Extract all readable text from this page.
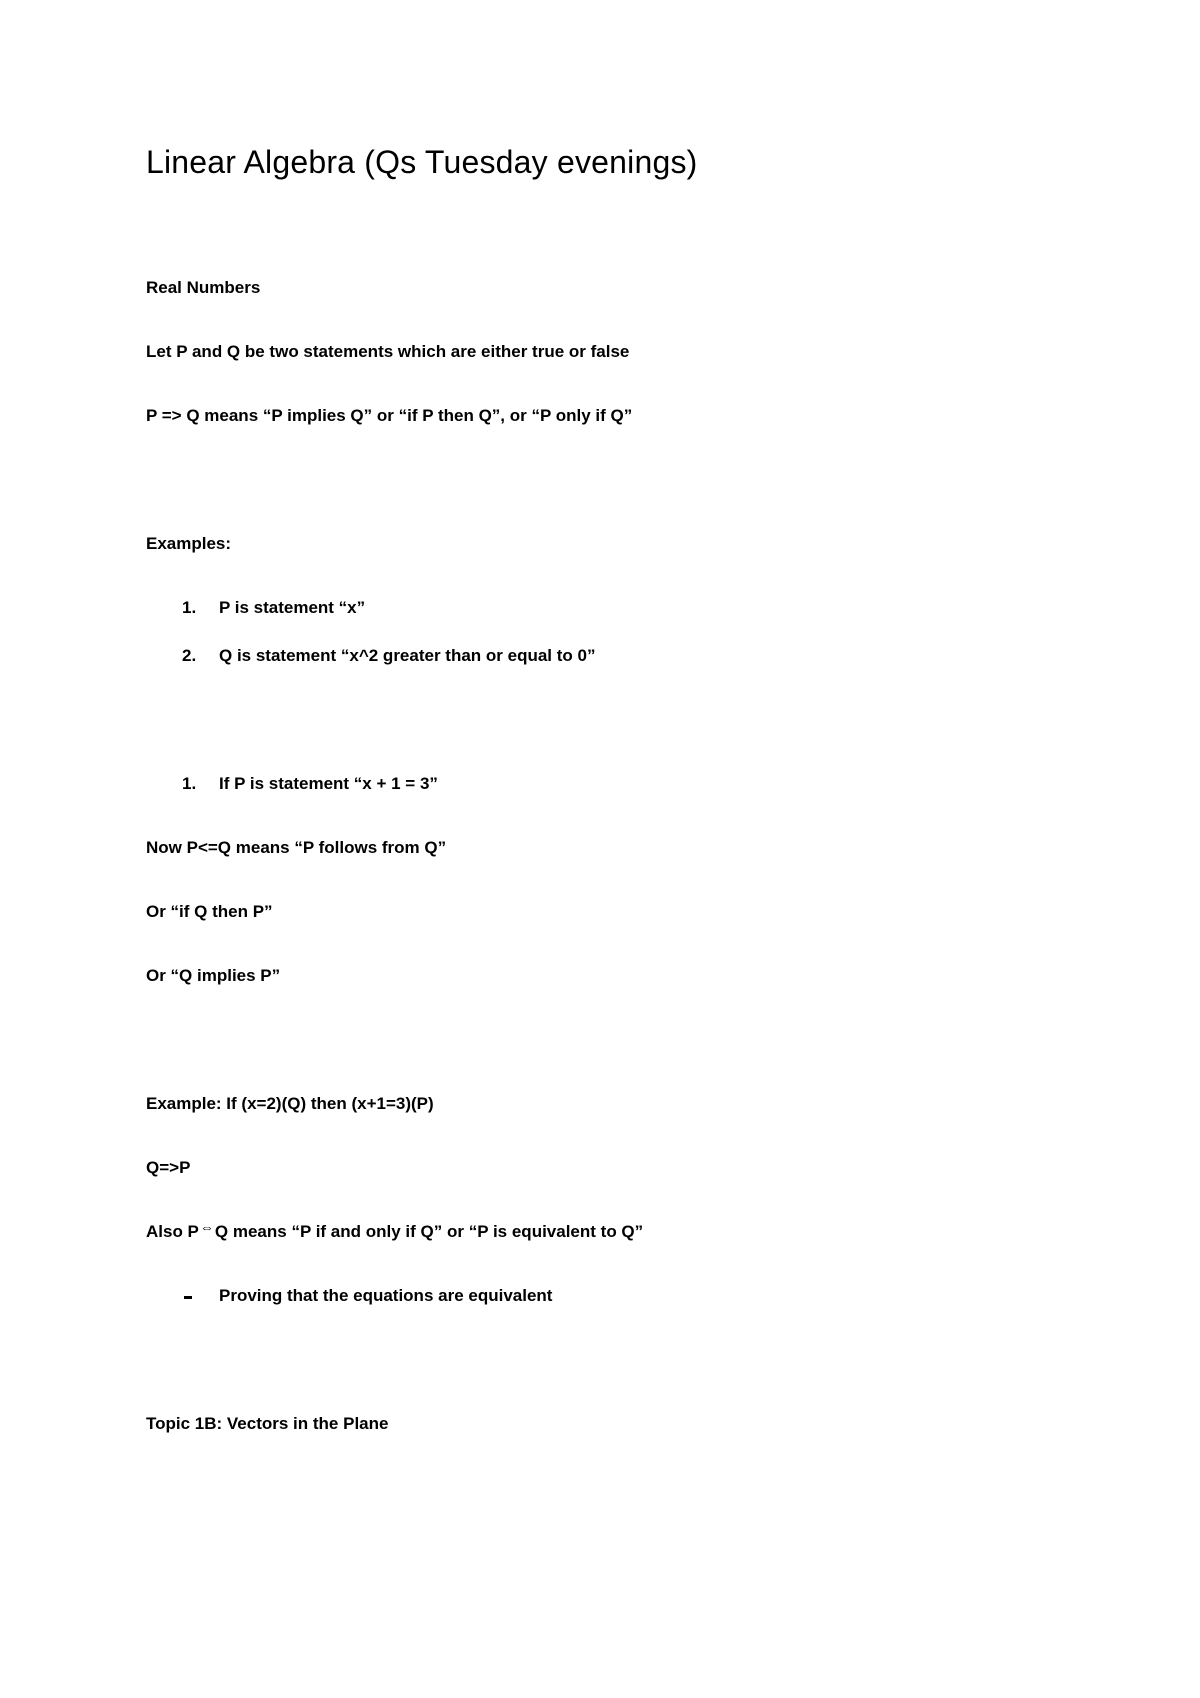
Linear Algebra (Qs Tuesday evenings)
Real Numbers
Let P and Q be two statements which are either true or false
P => Q means “P implies Q” or “if P then Q”, or “P only if Q”
Examples:
1.	P is statement “x”
2.	Q is statement “x^2 greater than or equal to 0”
1.	If P is statement “x + 1 = 3”
Now P<=Q means “P follows from Q”
Or “if Q then P”
Or “Q implies P”
Example: If (x=2)(Q) then (x+1=3)(P)
Q=>P
Also P⇔Q means “P if and only if Q” or “P is equivalent to Q”
Proving that the equations are equivalent
Topic 1B: Vectors in the Plane
